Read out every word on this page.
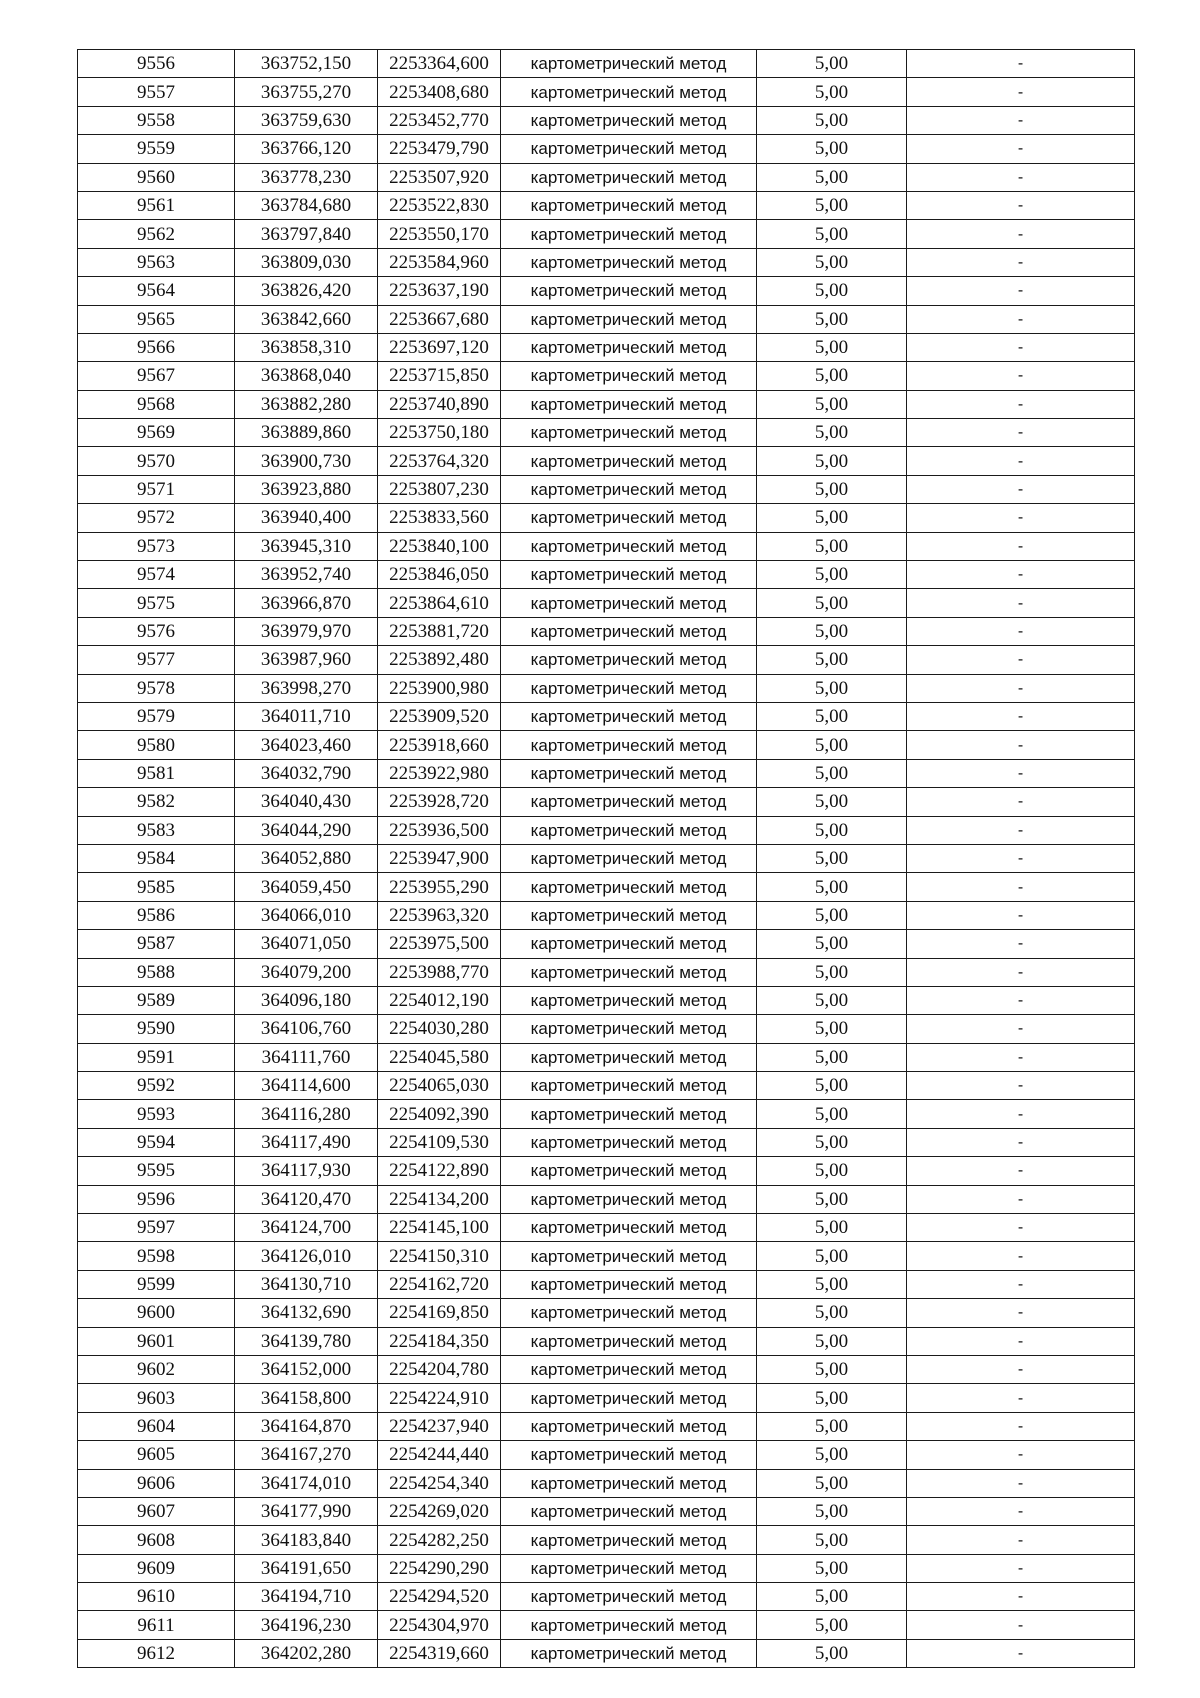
9556	363752,150	2253364,600	картометрический метод	5,00	-
9557	363755,270	2253408,680	картометрический метод	5,00	-
9558	363759,630	2253452,770	картометрический метод	5,00	-
9559	363766,120	2253479,790	картометрический метод	5,00	-
9560	363778,230	2253507,920	картометрический метод	5,00	-
9561	363784,680	2253522,830	картометрический метод	5,00	-
9562	363797,840	2253550,170	картометрический метод	5,00	-
9563	363809,030	2253584,960	картометрический метод	5,00	-
9564	363826,420	2253637,190	картометрический метод	5,00	-
9565	363842,660	2253667,680	картометрический метод	5,00	-
9566	363858,310	2253697,120	картометрический метод	5,00	-
9567	363868,040	2253715,850	картометрический метод	5,00	-
9568	363882,280	2253740,890	картометрический метод	5,00	-
9569	363889,860	2253750,180	картометрический метод	5,00	-
9570	363900,730	2253764,320	картометрический метод	5,00	-
9571	363923,880	2253807,230	картометрический метод	5,00	-
9572	363940,400	2253833,560	картометрический метод	5,00	-
9573	363945,310	2253840,100	картометрический метод	5,00	-
9574	363952,740	2253846,050	картометрический метод	5,00	-
9575	363966,870	2253864,610	картометрический метод	5,00	-
9576	363979,970	2253881,720	картометрический метод	5,00	-
9577	363987,960	2253892,480	картометрический метод	5,00	-
9578	363998,270	2253900,980	картометрический метод	5,00	-
9579	364011,710	2253909,520	картометрический метод	5,00	-
9580	364023,460	2253918,660	картометрический метод	5,00	-
9581	364032,790	2253922,980	картометрический метод	5,00	-
9582	364040,430	2253928,720	картометрический метод	5,00	-
9583	364044,290	2253936,500	картометрический метод	5,00	-
9584	364052,880	2253947,900	картометрический метод	5,00	-
9585	364059,450	2253955,290	картометрический метод	5,00	-
9586	364066,010	2253963,320	картометрический метод	5,00	-
9587	364071,050	2253975,500	картометрический метод	5,00	-
9588	364079,200	2253988,770	картометрический метод	5,00	-
9589	364096,180	2254012,190	картометрический метод	5,00	-
9590	364106,760	2254030,280	картометрический метод	5,00	-
9591	364111,760	2254045,580	картометрический метод	5,00	-
9592	364114,600	2254065,030	картометрический метод	5,00	-
9593	364116,280	2254092,390	картометрический метод	5,00	-
9594	364117,490	2254109,530	картометрический метод	5,00	-
9595	364117,930	2254122,890	картометрический метод	5,00	-
9596	364120,470	2254134,200	картометрический метод	5,00	-
9597	364124,700	2254145,100	картометрический метод	5,00	-
9598	364126,010	2254150,310	картометрический метод	5,00	-
9599	364130,710	2254162,720	картометрический метод	5,00	-
9600	364132,690	2254169,850	картометрический метод	5,00	-
9601	364139,780	2254184,350	картометрический метод	5,00	-
9602	364152,000	2254204,780	картометрический метод	5,00	-
9603	364158,800	2254224,910	картометрический метод	5,00	-
9604	364164,870	2254237,940	картометрический метод	5,00	-
9605	364167,270	2254244,440	картометрический метод	5,00	-
9606	364174,010	2254254,340	картометрический метод	5,00	-
9607	364177,990	2254269,020	картометрический метод	5,00	-
9608	364183,840	2254282,250	картометрический метод	5,00	-
9609	364191,650	2254290,290	картометрический метод	5,00	-
9610	364194,710	2254294,520	картометрический метод	5,00	-
9611	364196,230	2254304,970	картометрический метод	5,00	-
9612	364202,280	2254319,660	картометрический метод	5,00	-
